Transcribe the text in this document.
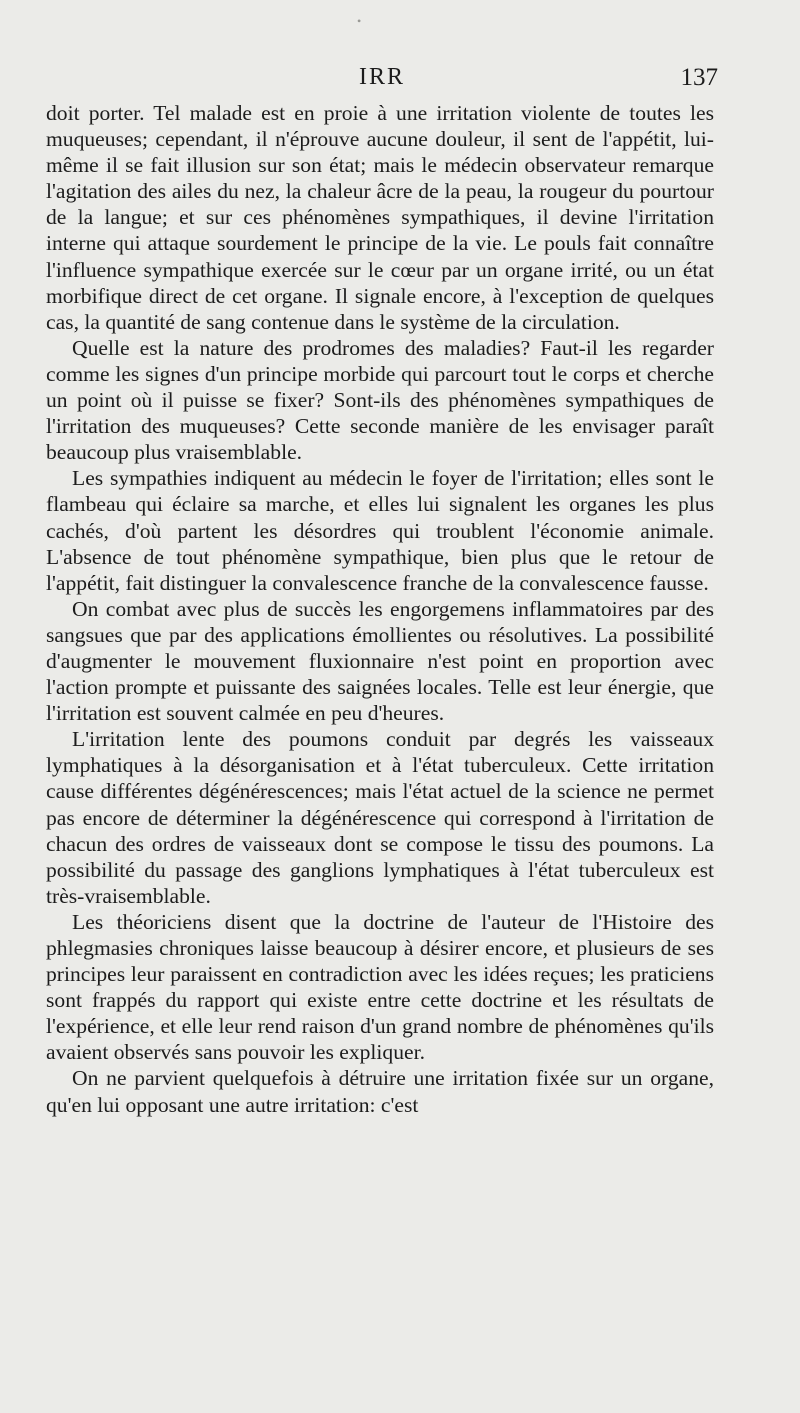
•
IRR	137

doit porter. Tel malade est en proie à une irritation violente de toutes les muqueuses; cependant, il n'éprouve aucune douleur, il sent de l'appétit, lui-même il se fait illusion sur son état; mais le médecin observateur remarque l'agitation des ailes du nez, la chaleur âcre de la peau, la rougeur du pourtour de la langue; et sur ces phénomènes sympathiques, il devine l'irritation interne qui attaque sourdement le principe de la vie. Le pouls fait connaître l'influence sympathique exercée sur le cœur par un organe irrité, ou un état morbifique direct de cet organe. Il signale encore, à l'exception de quelques cas, la quantité de sang contenue dans le système de la circulation.

Quelle est la nature des prodromes des maladies? Faut-il les regarder comme les signes d'un principe morbide qui parcourt tout le corps et cherche un point où il puisse se fixer? Sont-ils des phénomènes sympathiques de l'irritation des muqueuses? Cette seconde manière de les envisager paraît beaucoup plus vraisemblable.

Les sympathies indiquent au médecin le foyer de l'irritation; elles sont le flambeau qui éclaire sa marche, et elles lui signalent les organes les plus cachés, d'où partent les désordres qui troublent l'économie animale. L'absence de tout phénomène sympathique, bien plus que le retour de l'appétit, fait distinguer la convalescence franche de la convalescence fausse.

On combat avec plus de succès les engorgemens inflammatoires par des sangsues que par des applications émollientes ou résolutives. La possibilité d'augmenter le mouvement fluxionnaire n'est point en proportion avec l'action prompte et puissante des saignées locales. Telle est leur énergie, que l'irritation est souvent calmée en peu d'heures.

L'irritation lente des poumons conduit par degrés les vaisseaux lymphatiques à la désorganisation et à l'état tuberculeux. Cette irritation cause différentes dégénérescences; mais l'état actuel de la science ne permet pas encore de déterminer la dégénérescence qui correspond à l'irritation de chacun des ordres de vaisseaux dont se compose le tissu des poumons. La possibilité du passage des ganglions lymphatiques à l'état tuberculeux est très-vraisemblable.

Les théoriciens disent que la doctrine de l'auteur de l'Histoire des phlegmasies chroniques laisse beaucoup à désirer encore, et plusieurs de ses principes leur paraissent en contradiction avec les idées reçues; les praticiens sont frappés du rapport qui existe entre cette doctrine et les résultats de l'expérience, et elle leur rend raison d'un grand nombre de phénomènes qu'ils avaient observés sans pouvoir les expliquer.

On ne parvient quelquefois à détruire une irritation fixée sur un organe, qu'en lui opposant une autre irritation: c'est
